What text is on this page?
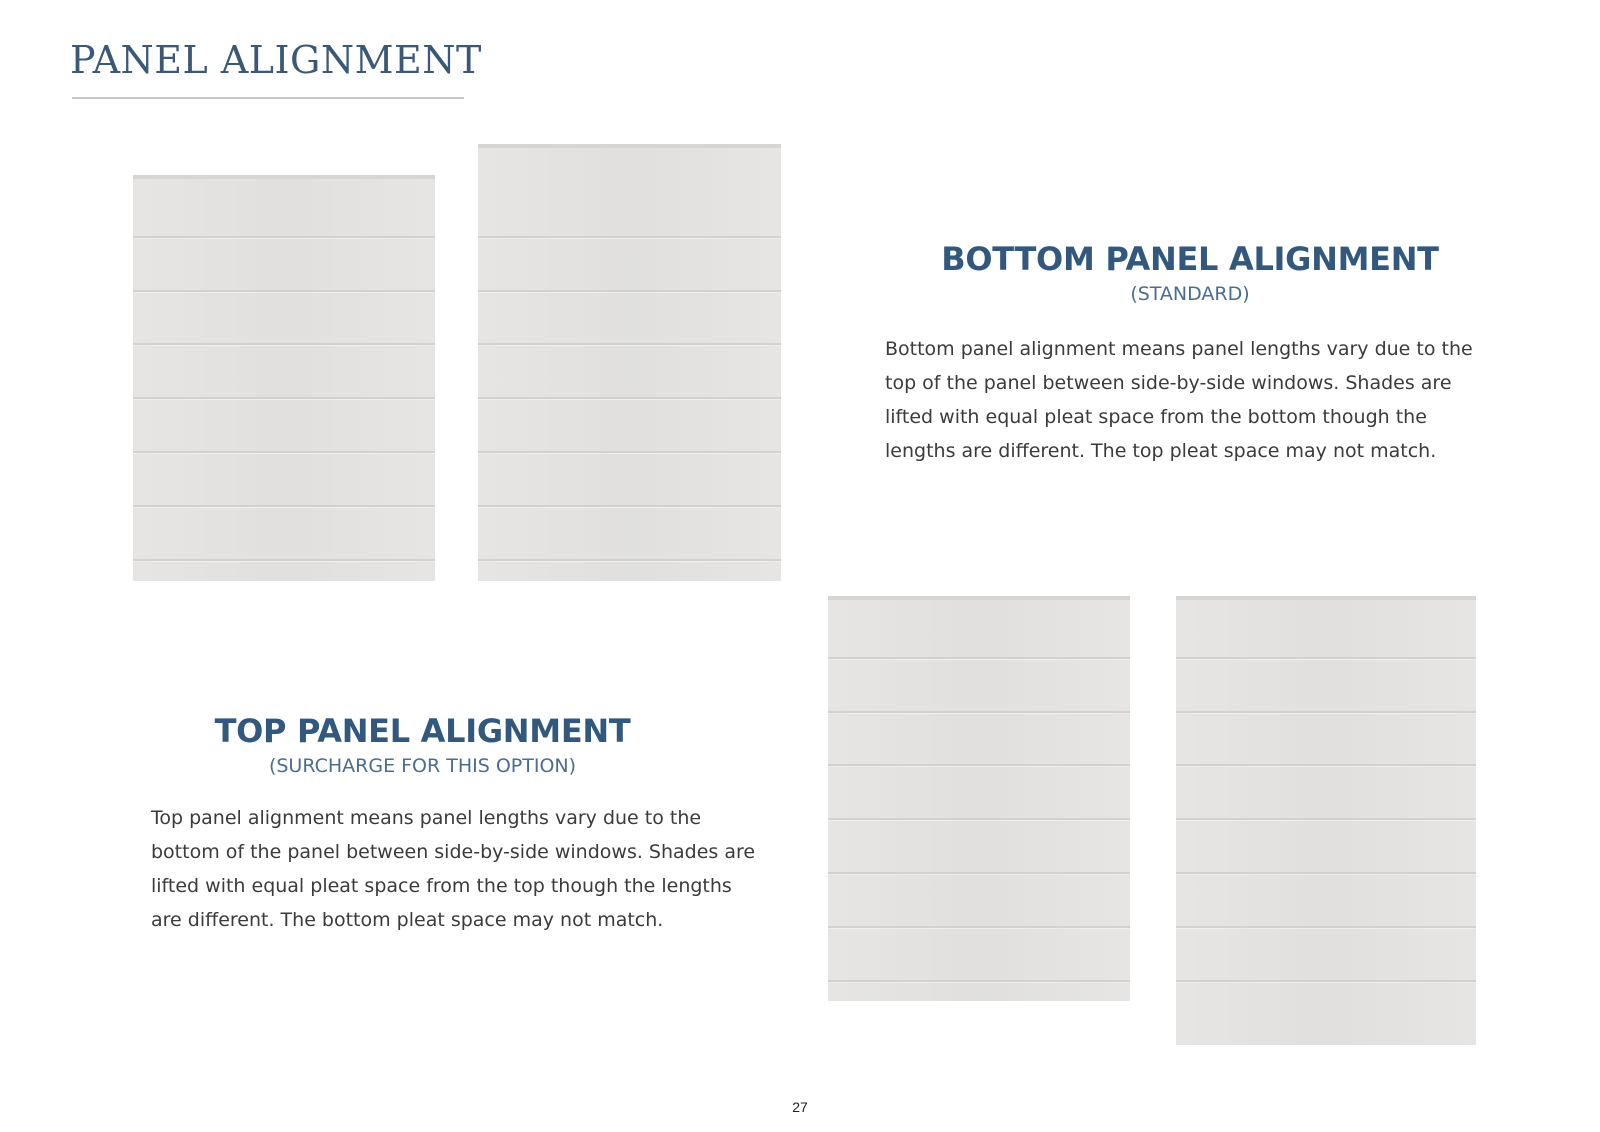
PANEL ALIGNMENT
BOTTOM PANEL ALIGNMENT

(STANDARD)

Bottom panel alignment means panel lengths vary due to the top of the panel between side-by-side windows. Shades are lifted with equal pleat space from the bottom though the lengths are different. The top pleat space may not match.

TOP PANEL ALIGNMENT

(SURCHARGE FOR THIS OPTION)

Top panel alignment means panel lengths vary due to the bottom of the panel between side-by-side windows. Shades are lifted with equal pleat space from the top though the lengths are different. The bottom pleat space may not match.

27
